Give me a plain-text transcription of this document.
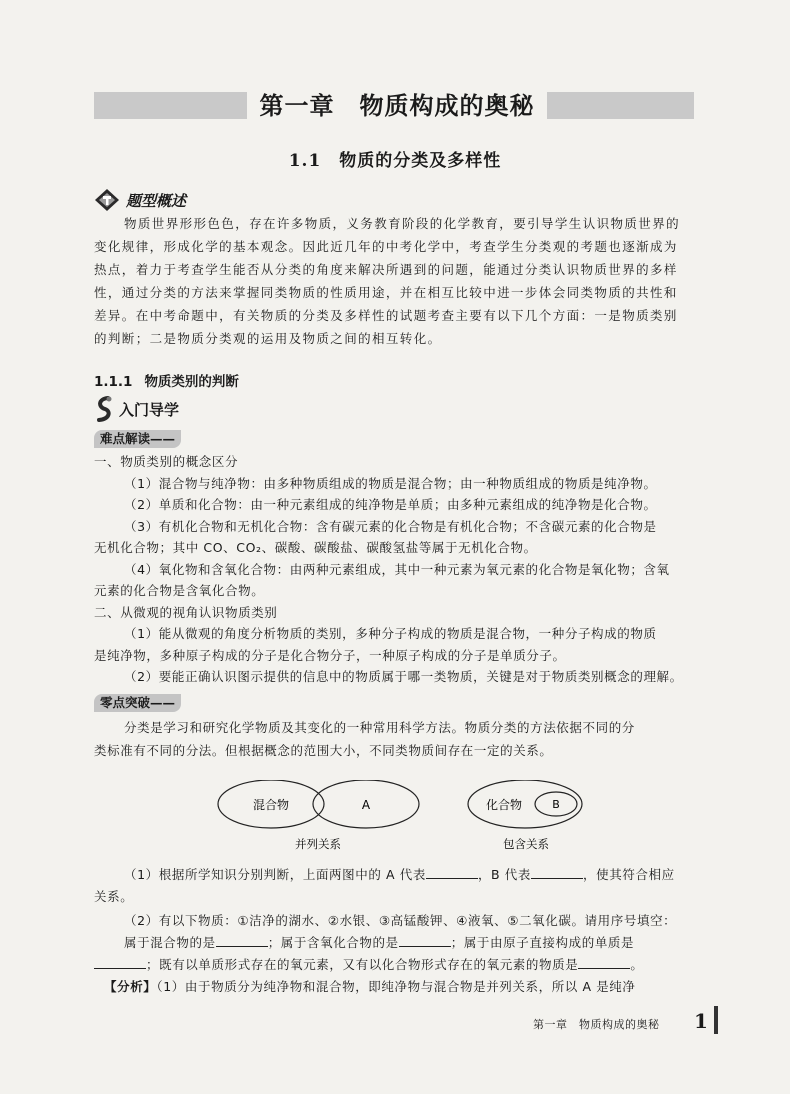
第一章　物质构成的奥秘
1.1　物质的分类及多样性
题型概述
物质世界形形色色，存在许多物质，义务教育阶段的化学教育，要引导学生认识物质世界的
变化规律，形成化学的基本观念。因此近几年的中考化学中，考查学生分类观的考题也逐渐成为
热点，着力于考查学生能否从分类的角度来解决所遇到的问题，能通过分类认识物质世界的多样
性，通过分类的方法来掌握同类物质的性质用途，并在相互比较中进一步体会同类物质的共性和
差异。在中考命题中，有关物质的分类及多样性的试题考查主要有以下几个方面：一是物质类别
的判断；二是物质分类观的运用及物质之间的相互转化。
1.1.1 物质类别的判断
入门导学
难点解读——
一、物质类别的概念区分
（1）混合物与纯净物：由多种物质组成的物质是混合物；由一种物质组成的物质是纯净物。
（2）单质和化合物：由一种元素组成的纯净物是单质；由多种元素组成的纯净物是化合物。
（3）有机化合物和无机化合物：含有碳元素的化合物是有机化合物；不含碳元素的化合物是
无机化合物；其中 CO、CO₂、碳酸、碳酸盐、碳酸氢盐等属于无机化合物。
（4）氧化物和含氧化合物：由两种元素组成，其中一种元素为氧元素的化合物是氧化物；含氧
元素的化合物是含氧化合物。
二、从微观的视角认识物质类别
（1）能从微观的角度分析物质的类别，多种分子构成的物质是混合物，一种分子构成的物质
是纯净物，多种原子构成的分子是化合物分子，一种原子构成的分子是单质分子。
（2）要能正确认识图示提供的信息中的物质属于哪一类物质，关键是对于物质类别概念的理解。
零点突破——
分类是学习和研究化学物质及其变化的一种常用科学方法。物质分类的方法依据不同的分
类标准有不同的分法。但根据概念的范围大小，不同类物质间存在一定的关系。
混合物	A
并列关系
化合物	B
包含关系
（1）根据所学知识分别判断，上面两图中的 A 代表	，B 代表	，使其符合相应
关系。
（2）有以下物质：①洁净的湖水、②水银、③高锰酸钾、④液氧、⑤二氧化碳。请用序号填空：
属于混合物的是	；属于含氧化合物的是	；属于由原子直接构成的单质是
；既有以单质形式存在的氧元素，又有以化合物形式存在的氧元素的物质是	。
【分析】（1）由于物质分为纯净物和混合物，即纯净物与混合物是并列关系，所以 A 是纯净
第一章　物质构成的奥秘	1
